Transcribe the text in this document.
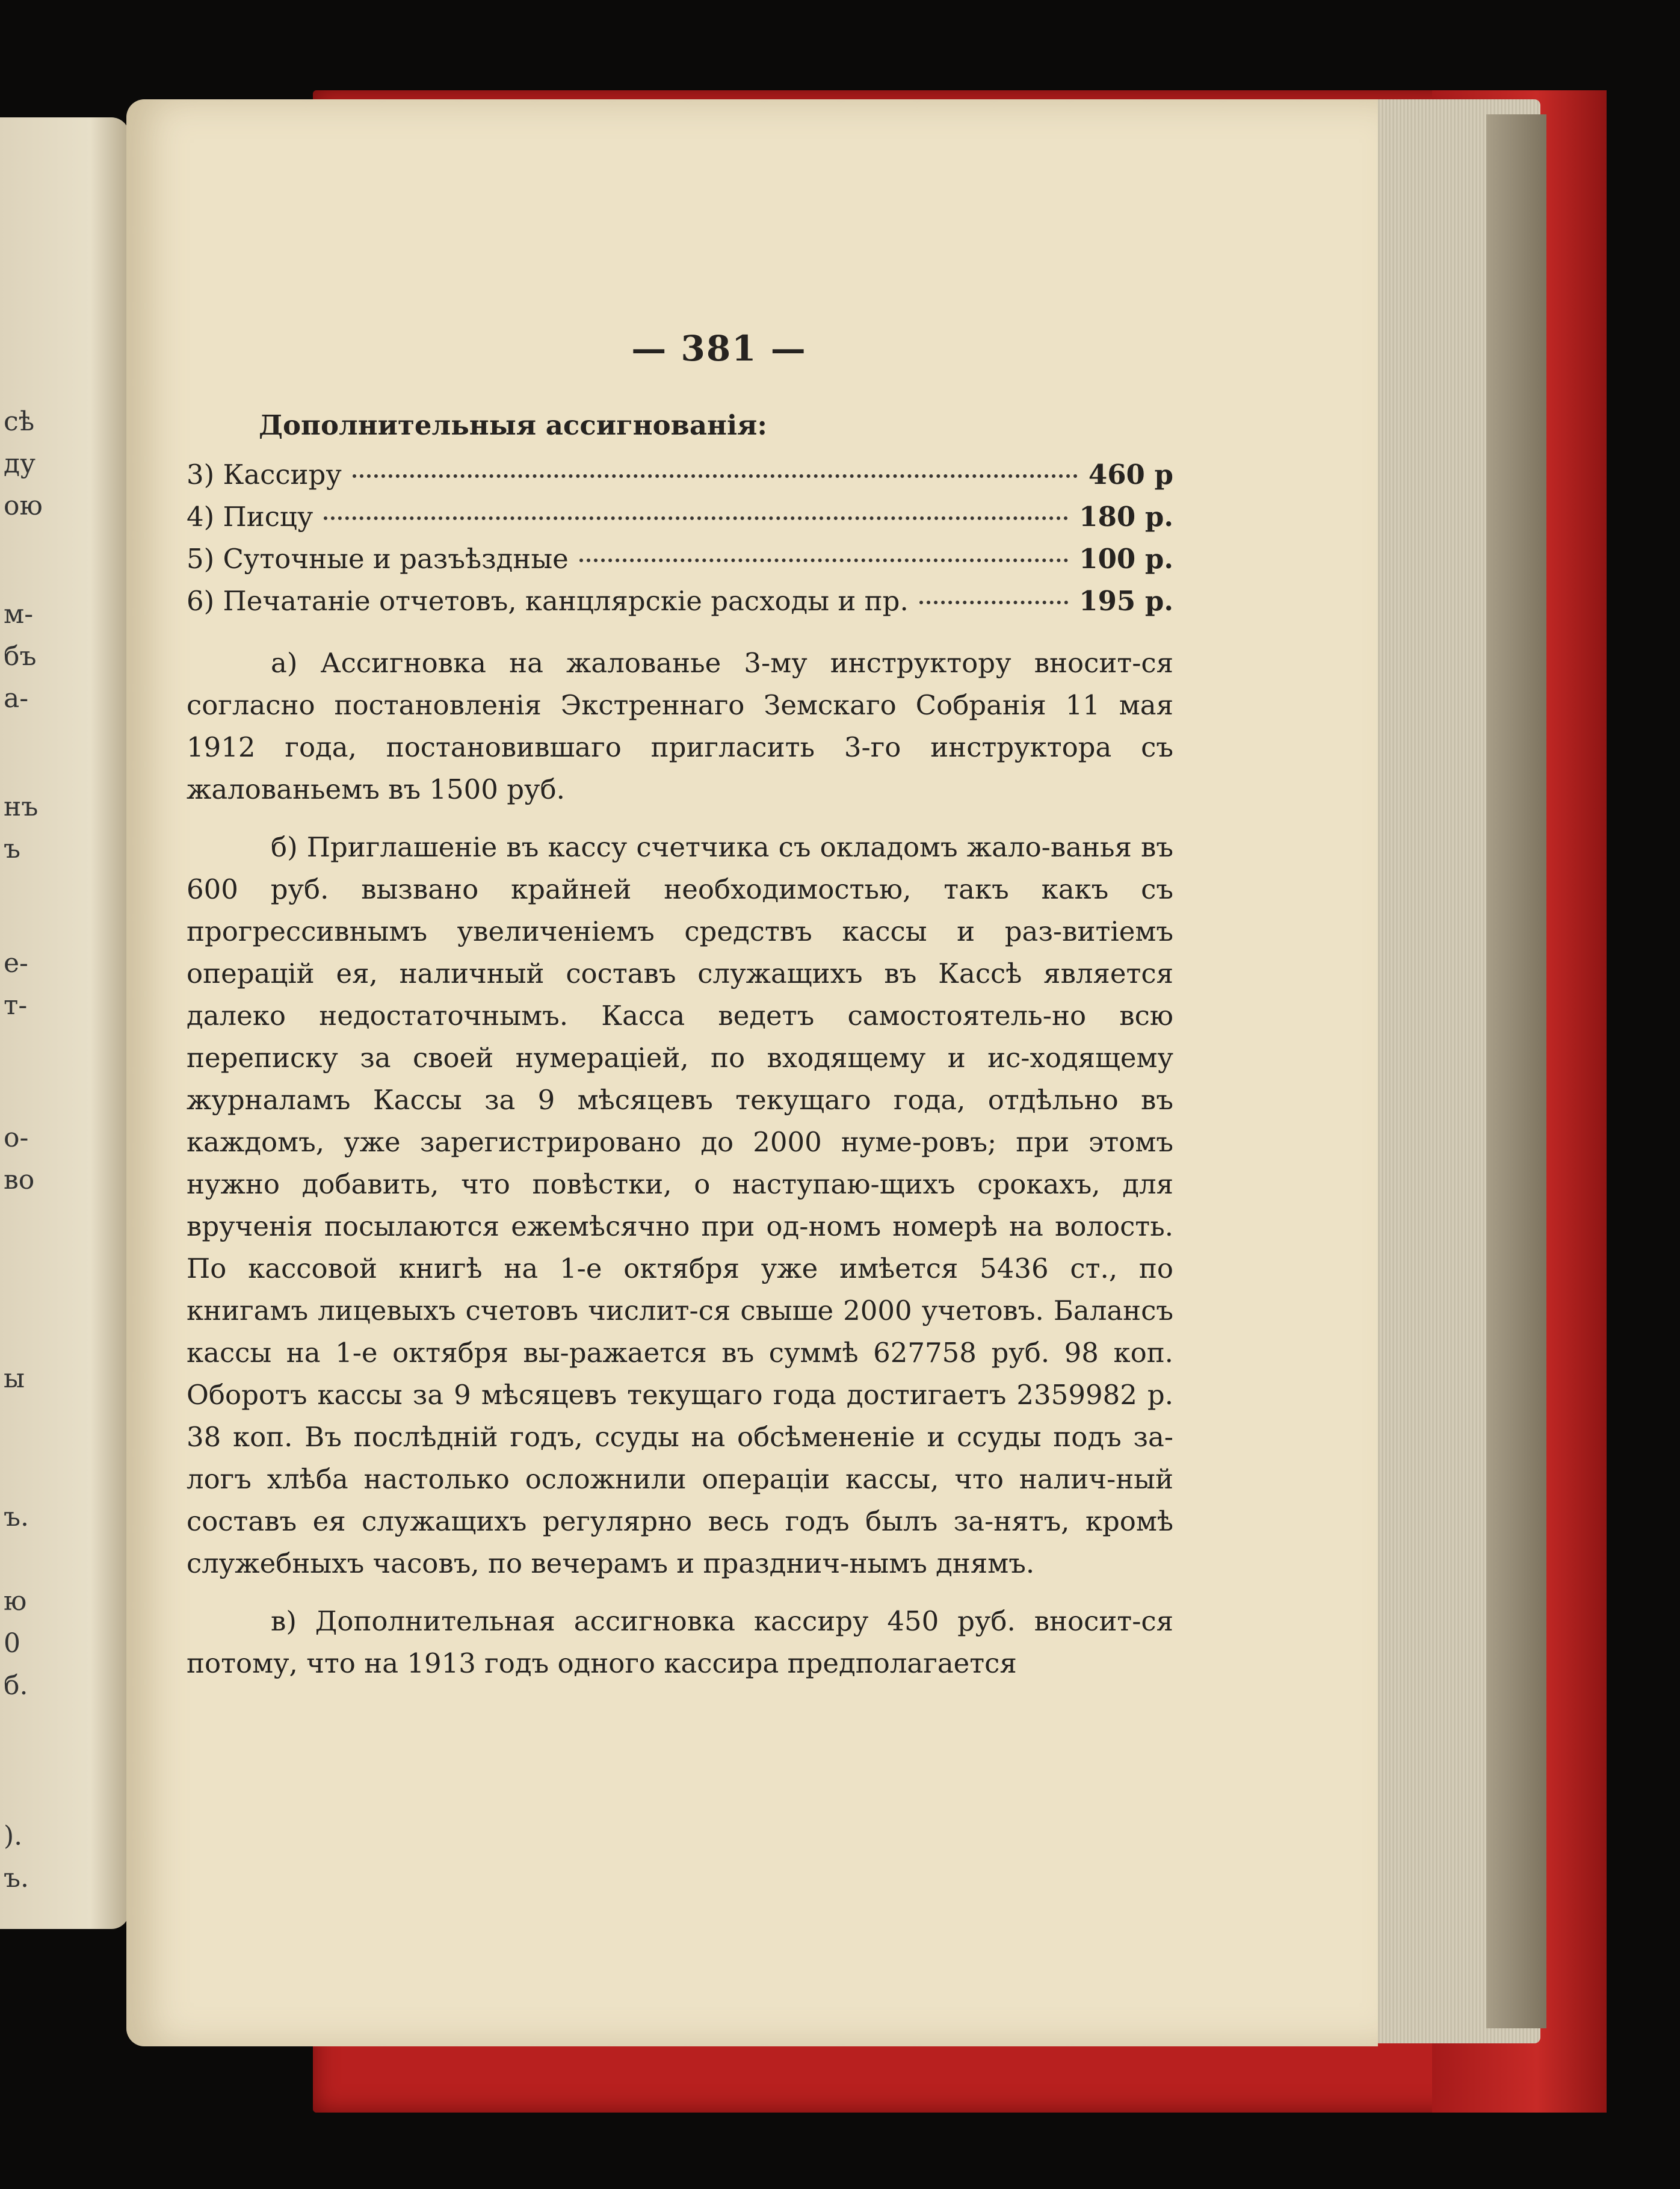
сѣ
ду
ою
м-
бъ
а-
нъ
ъ
е-
т-
о-
во
ы
ъ.
ю
0
б.
).
ъ.
— 381 —
Дополнительныя ассигнованія:
3) Кассиру	460 р
4) Писцу	180 р.
5) Суточные и разъѣздные	100 р.
6) Печатаніе отчетовъ, канцлярскіе расходы и пр.	195 р.

а) Ассигновка на жалованье 3-му инструктору вносит-ся согласно постановленія Экстреннаго Земскаго Собранія 11 мая 1912 года, постановившаго пригласить 3-го инструктора съ жалованьемъ въ 1500 руб.

б) Приглашеніе въ кассу счетчика съ окладомъ жало-ванья въ 600 руб. вызвано крайней необходимостью, такъ какъ съ прогрессивнымъ увеличеніемъ средствъ кассы и раз-витіемъ операцій ея, наличный составъ служащихъ въ Кассѣ является далеко недостаточнымъ. Касса ведетъ самостоятель-но всю переписку за своей нумераціей, по входящему и ис-ходящему журналамъ Кассы за 9 мѣсяцевъ текущаго года, отдѣльно въ каждомъ, уже зарегистрировано до 2000 нуме-ровъ; при этомъ нужно добавить, что повѣстки, о наступаю-щихъ срокахъ, для врученія посылаются ежемѣсячно при од-номъ номерѣ на волость. По кассовой книгѣ на 1-е октября уже имѣется 5436 ст., по книгамъ лицевыхъ счетовъ числит-ся свыше 2000 учетовъ. Балансъ кассы на 1-е октября вы-ражается въ суммѣ 627758 руб. 98 коп. Оборотъ кассы за 9 мѣсяцевъ текущаго года достигаетъ 2359982 р. 38 коп. Въ послѣдній годъ, ссуды на обсѣмененіе и ссуды подъ за-логъ хлѣба настолько осложнили операціи кассы, что налич-ный составъ ея служащихъ регулярно весь годъ былъ за-нятъ, кромѣ служебныхъ часовъ, по вечерамъ и празднич-нымъ днямъ.

в) Дополнительная ассигновка кассиру 450 руб. вносит-ся потому, что на 1913 годъ одного кассира предполагается
